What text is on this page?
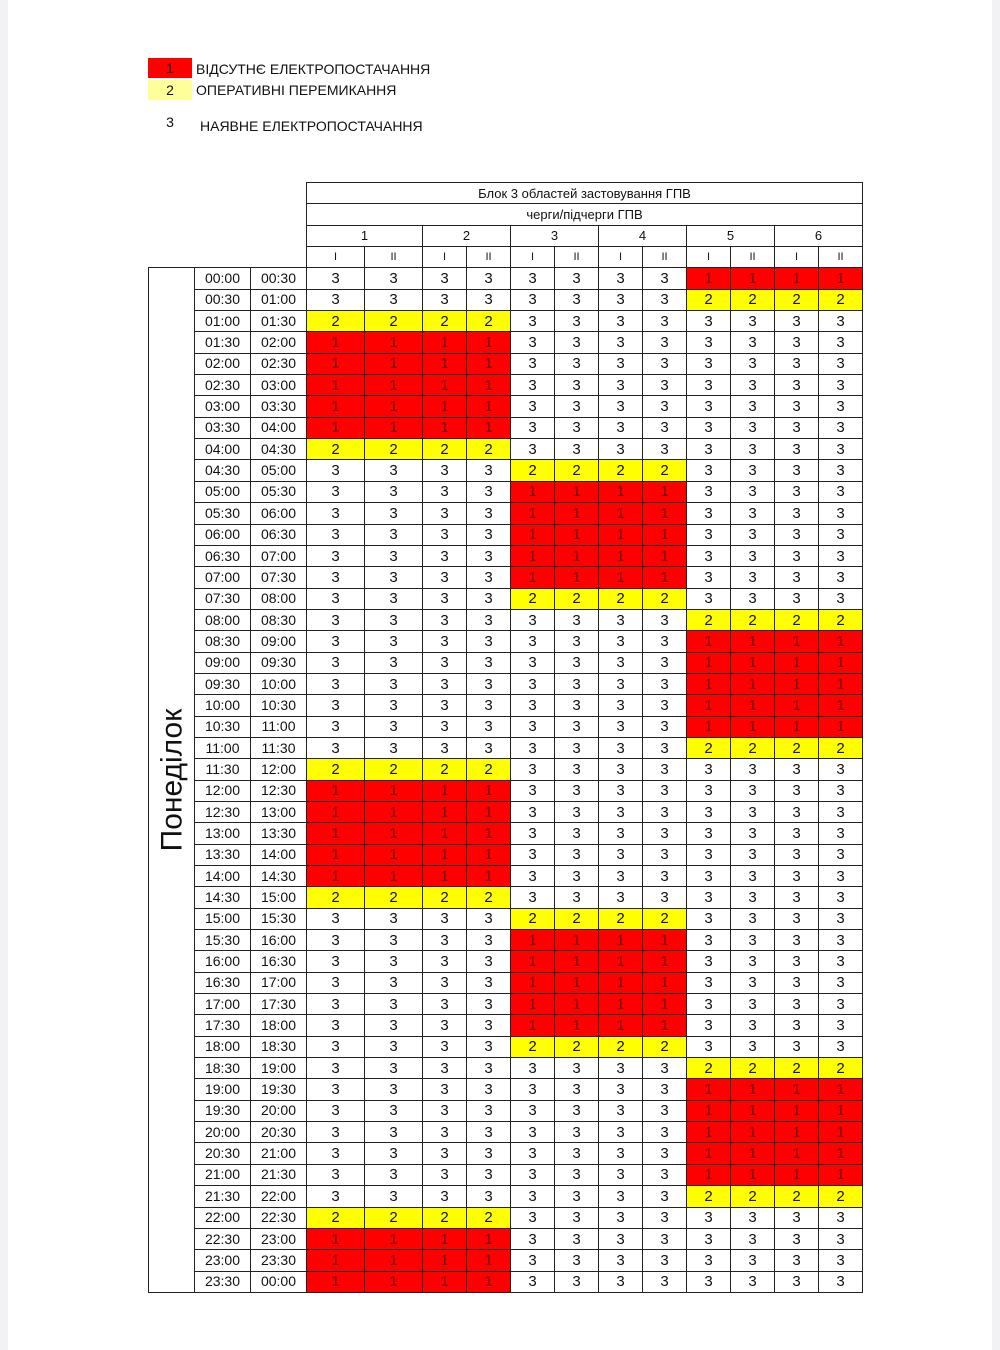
1	ВІДСУТНЄ ЕЛЕКТРОПОСТАЧАННЯ
2	ОПЕРАТИВНІ ПЕРЕМИКАННЯ
3	НАЯВНЕ ЕЛЕКТРОПОСТАЧАННЯ
			Блок 3 областей застовування ГПВ											
			черги/підчерги ГПВ											
			1		2		3		4		5		6	
			I	II	I	II	I	II	I	II	I	II	I	II

Понеділок	00:00	00:30	3	3	3	3	3	3	3	3	1	1	1	1
	00:30	01:00	3	3	3	3	3	3	3	3	2	2	2	2
	01:00	01:30	2	2	2	2	3	3	3	3	3	3	3	3
	01:30	02:00	1	1	1	1	3	3	3	3	3	3	3	3
	02:00	02:30	1	1	1	1	3	3	3	3	3	3	3	3
	02:30	03:00	1	1	1	1	3	3	3	3	3	3	3	3
	03:00	03:30	1	1	1	1	3	3	3	3	3	3	3	3
	03:30	04:00	1	1	1	1	3	3	3	3	3	3	3	3
	04:00	04:30	2	2	2	2	3	3	3	3	3	3	3	3
	04:30	05:00	3	3	3	3	2	2	2	2	3	3	3	3
	05:00	05:30	3	3	3	3	1	1	1	1	3	3	3	3
	05:30	06:00	3	3	3	3	1	1	1	1	3	3	3	3
	06:00	06:30	3	3	3	3	1	1	1	1	3	3	3	3
	06:30	07:00	3	3	3	3	1	1	1	1	3	3	3	3
	07:00	07:30	3	3	3	3	1	1	1	1	3	3	3	3
	07:30	08:00	3	3	3	3	2	2	2	2	3	3	3	3
	08:00	08:30	3	3	3	3	3	3	3	3	2	2	2	2
	08:30	09:00	3	3	3	3	3	3	3	3	1	1	1	1
	09:00	09:30	3	3	3	3	3	3	3	3	1	1	1	1
	09:30	10:00	3	3	3	3	3	3	3	3	1	1	1	1
	10:00	10:30	3	3	3	3	3	3	3	3	1	1	1	1
	10:30	11:00	3	3	3	3	3	3	3	3	1	1	1	1
	11:00	11:30	3	3	3	3	3	3	3	3	2	2	2	2
	11:30	12:00	2	2	2	2	3	3	3	3	3	3	3	3
	12:00	12:30	1	1	1	1	3	3	3	3	3	3	3	3
	12:30	13:00	1	1	1	1	3	3	3	3	3	3	3	3
	13:00	13:30	1	1	1	1	3	3	3	3	3	3	3	3
	13:30	14:00	1	1	1	1	3	3	3	3	3	3	3	3
	14:00	14:30	1	1	1	1	3	3	3	3	3	3	3	3
	14:30	15:00	2	2	2	2	3	3	3	3	3	3	3	3
	15:00	15:30	3	3	3	3	2	2	2	2	3	3	3	3
	15:30	16:00	3	3	3	3	1	1	1	1	3	3	3	3
	16:00	16:30	3	3	3	3	1	1	1	1	3	3	3	3
	16:30	17:00	3	3	3	3	1	1	1	1	3	3	3	3
	17:00	17:30	3	3	3	3	1	1	1	1	3	3	3	3
	17:30	18:00	3	3	3	3	1	1	1	1	3	3	3	3
	18:00	18:30	3	3	3	3	2	2	2	2	3	3	3	3
	18:30	19:00	3	3	3	3	3	3	3	3	2	2	2	2
	19:00	19:30	3	3	3	3	3	3	3	3	1	1	1	1
	19:30	20:00	3	3	3	3	3	3	3	3	1	1	1	1
	20:00	20:30	3	3	3	3	3	3	3	3	1	1	1	1
	20:30	21:00	3	3	3	3	3	3	3	3	1	1	1	1
	21:00	21:30	3	3	3	3	3	3	3	3	1	1	1	1
	21:30	22:00	3	3	3	3	3	3	3	3	2	2	2	2
	22:00	22:30	2	2	2	2	3	3	3	3	3	3	3	3
	22:30	23:00	1	1	1	1	3	3	3	3	3	3	3	3
	23:00	23:30	1	1	1	1	3	3	3	3	3	3	3	3
	23:30	00:00	1	1	1	1	3	3	3	3	3	3	3	3
